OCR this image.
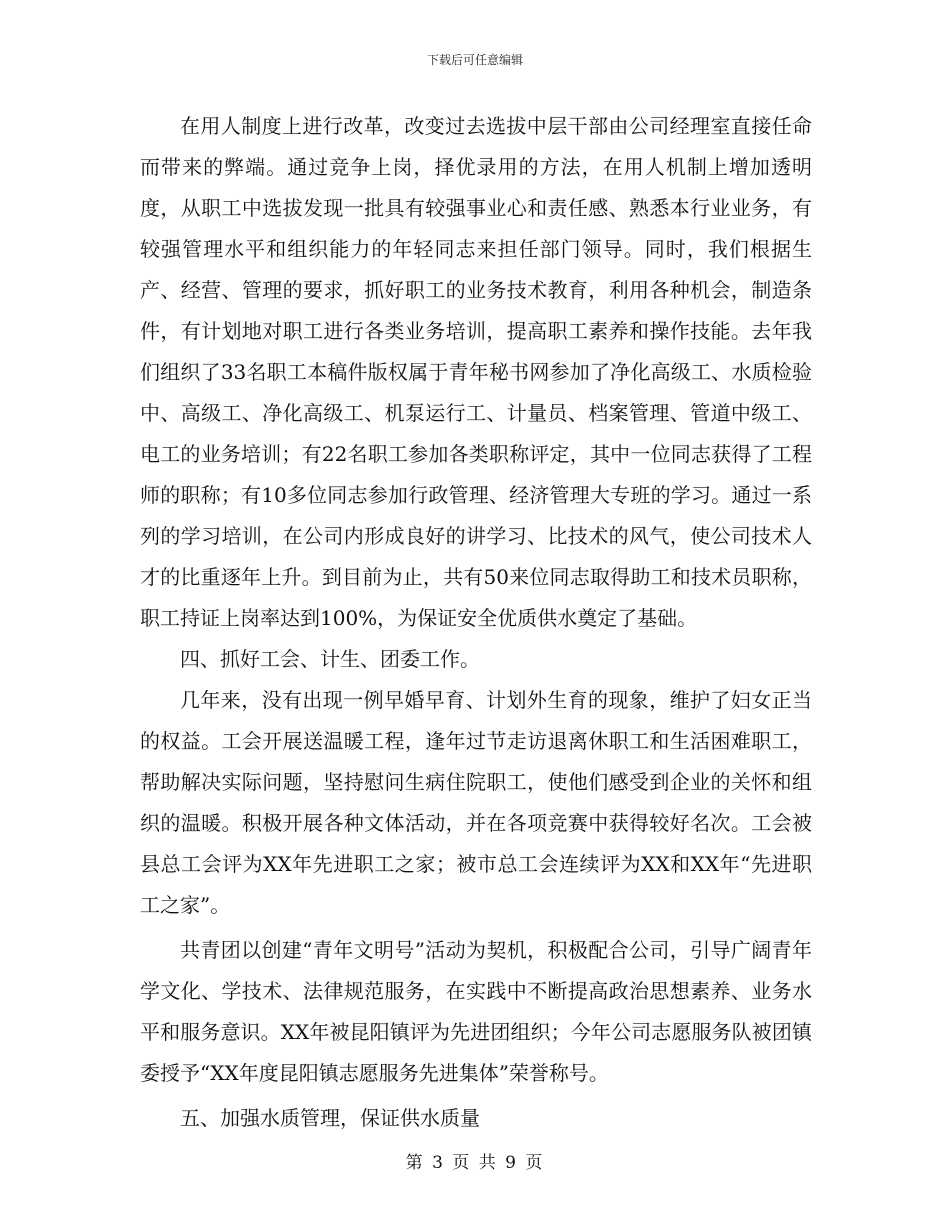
下载后可任意编辑

在用人制度上进行改革，改变过去选拔中层干部由公司经理室直接任命而带来的弊端。通过竞争上岗，择优录用的方法，在用人机制上增加透明度，从职工中选拔发现一批具有较强事业心和责任感、熟悉本行业业务，有较强管理水平和组织能力的年轻同志来担任部门领导。同时，我们根据生产、经营、管理的要求，抓好职工的业务技术教育，利用各种机会，制造条件，有计划地对职工进行各类业务培训，提高职工素养和操作技能。去年我们组织了33名职工本稿件版权属于青年秘书网参加了净化高级工、水质检验中、高级工、净化高级工、机泵运行工、计量员、档案管理、管道中级工、电工的业务培训；有22名职工参加各类职称评定，其中一位同志获得了工程师的职称；有10多位同志参加行政管理、经济管理大专班的学习。通过一系列的学习培训，在公司内形成良好的讲学习、比技术的风气，使公司技术人才的比重逐年上升。到目前为止，共有50来位同志取得助工和技术员职称，职工持证上岗率达到100%，为保证安全优质供水奠定了基础。

四、抓好工会、计生、团委工作。

几年来，没有出现一例早婚早育、计划外生育的现象，维护了妇女正当的权益。工会开展送温暖工程，逢年过节走访退离休职工和生活困难职工，帮助解决实际问题，坚持慰问生病住院职工，使他们感受到企业的关怀和组织的温暖。积极开展各种文体活动，并在各项竞赛中获得较好名次。工会被县总工会评为XX年先进职工之家；被市总工会连续评为XX和XX年“先进职工之家”。

共青团以创建“青年文明号”活动为契机，积极配合公司，引导广阔青年学文化、学技术、法律规范服务，在实践中不断提高政治思想素养、业务水平和服务意识。XX年被昆阳镇评为先进团组织；今年公司志愿服务队被团镇委授予“XX年度昆阳镇志愿服务先进集体”荣誉称号。

五、加强水质管理，保证供水质量

第 3 页 共 9 页
